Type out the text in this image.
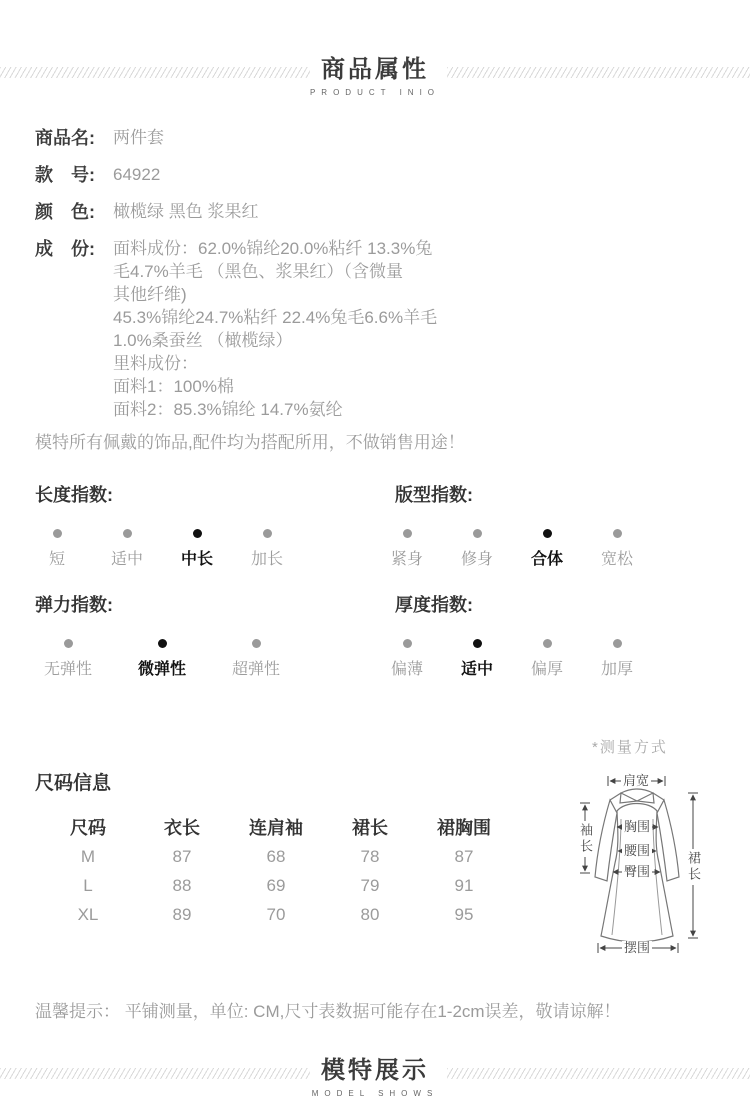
商品属性
PRODUCT INIO
商品名:	两件套
款　号:	64922
颜　色:	橄榄绿 黑色 浆果红
成　份:	面料成份：62.0%锦纶20.0%粘纤 13.3%兔
毛4.7%羊毛 （黑色、浆果红）（含微量
其他纤维)
45.3%锦纶24.7%粘纤 22.4%兔毛6.6%羊毛
1.0%桑蚕丝 （橄榄绿）
里料成份：
面料1：100%棉
面料2：85.3%锦纶 14.7%氨纶
模特所有佩戴的饰品,配件均为搭配所用，不做销售用途！
长度指数:
短	适中 中长 加长
版型指数:
紧身 修身 合体 宽松
弹力指数:
无弹性	微弹性	超弹性
厚度指数:
偏薄 适中 偏厚 加厚
尺码信息
尺码	衣长	连肩袖	裙长	裙胸围
M	87	68	78	87
L	88	69	79	91
XL	89	70	80	95
*测量方式
肩宽
胸围
腰围
臀围
摆围
袖长
裙长
温馨提示： 平铺测量，单位: CM,尺寸表数据可能存在1-2cm误差，敬请谅解！
模特展示
MODEL SHOWS
